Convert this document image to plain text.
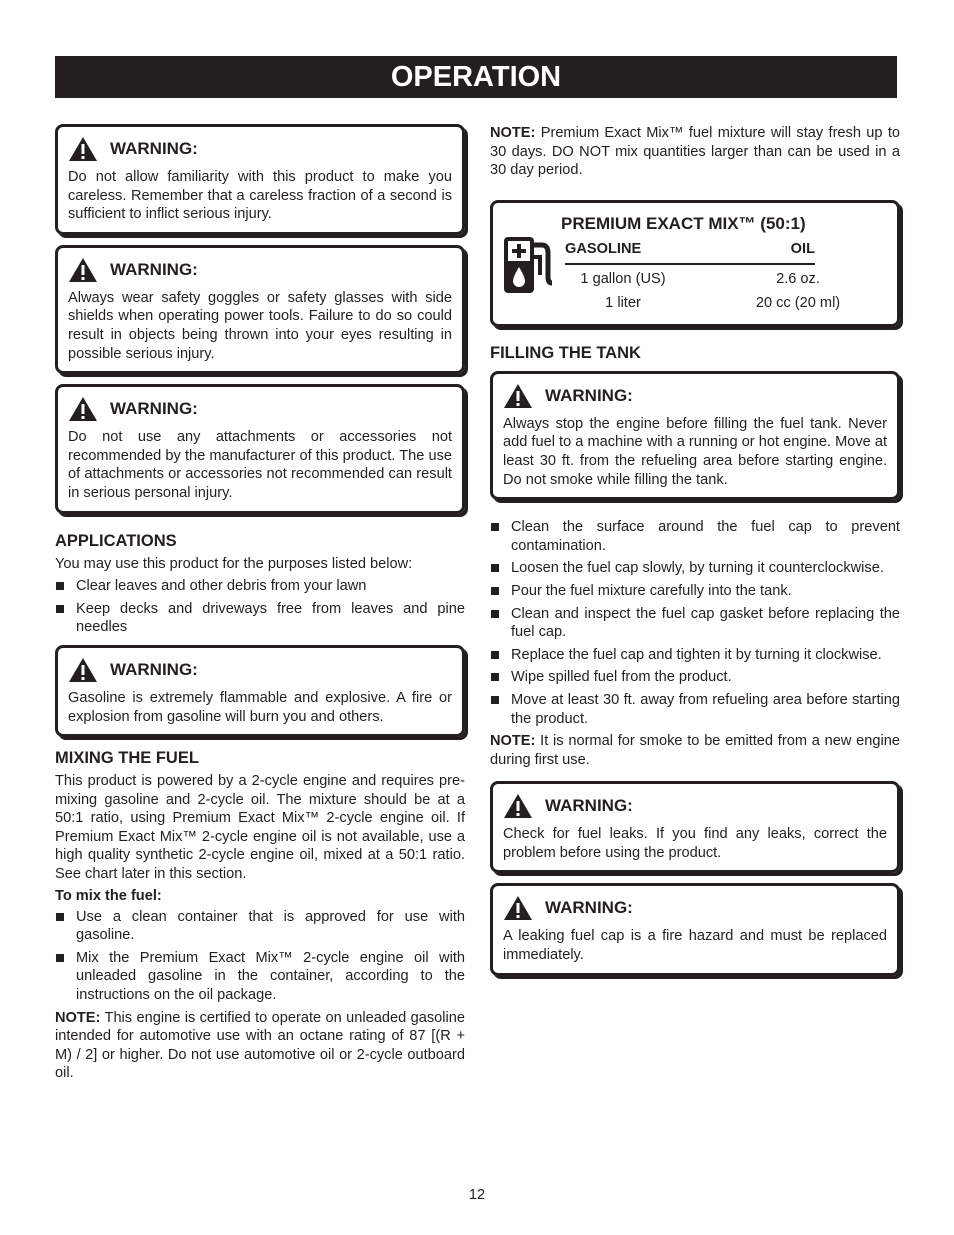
OPERATION
WARNING:
Do not allow familiarity with this product to make you careless. Remember that a careless fraction of a second is sufficient to inflict serious injury.
WARNING:
Always wear safety goggles or safety glasses with side shields when operating power tools. Failure to do so could result in objects being thrown into your eyes resulting in possible serious injury.
WARNING:
Do not use any attachments or accessories not recommended by the manufacturer of this product. The use of attachments or accessories not recommended can result in serious personal injury.
APPLICATIONS

You may use this product for the purposes listed below:

Clear leaves and other debris from your lawn
Keep decks and driveways free from leaves and pine needles
WARNING:
Gasoline is extremely flammable and explosive. A fire or explosion from gasoline will burn you and others.
MIXING THE FUEL

This product is powered by a 2-cycle engine and requires pre-mixing gasoline and 2-cycle oil. The mixture should be at a 50:1 ratio, using Premium Exact Mix™ 2-cycle engine oil. If Premium Exact Mix™ 2-cycle engine oil is not available, use a high quality synthetic 2-cycle engine oil, mixed at a 50:1 ratio. See chart later in this section.

To mix the fuel:
Use a clean container that is approved for use with gasoline.
Mix the Premium Exact Mix™ 2-cycle engine oil with unleaded gasoline in the container, according to the instructions on the oil package.

NOTE: This engine is certified to operate on unleaded gasoline intended for automotive use with an octane rating of 87 [(R + M) / 2] or higher. Do not use automotive oil or 2-cycle outboard oil.

NOTE: Premium Exact Mix™ fuel mixture will stay fresh up to 30 days. DO NOT mix quantities larger than can be used in a 30 day period.

PREMIUM EXACT MIX™ (50:1)
GASOLINE	OIL
1 gallon (US)	2.6 oz.
1 liter	20 cc (20 ml)
FILLING THE TANK
WARNING:
Always stop the engine before filling the fuel tank. Never add fuel to a machine with a running or hot engine. Move at least 30 ft. from the refueling area before starting engine. Do not smoke while filling the tank.
Clean the surface around the fuel cap to prevent contamination.
Loosen the fuel cap slowly, by turning it counterclockwise.
Pour the fuel mixture carefully into the tank.
Clean and inspect the fuel cap gasket before replacing the fuel cap.
Replace the fuel cap and tighten it by turning it clockwise.
Wipe spilled fuel from the product.
Move at least 30 ft. away from refueling area before starting the product.

NOTE: It is normal for smoke to be emitted from a new engine during first use.

WARNING:
Check for fuel leaks. If you find any leaks, correct the problem before using the product.
WARNING:
A leaking fuel cap is a fire hazard and must be replaced immediately.
12
